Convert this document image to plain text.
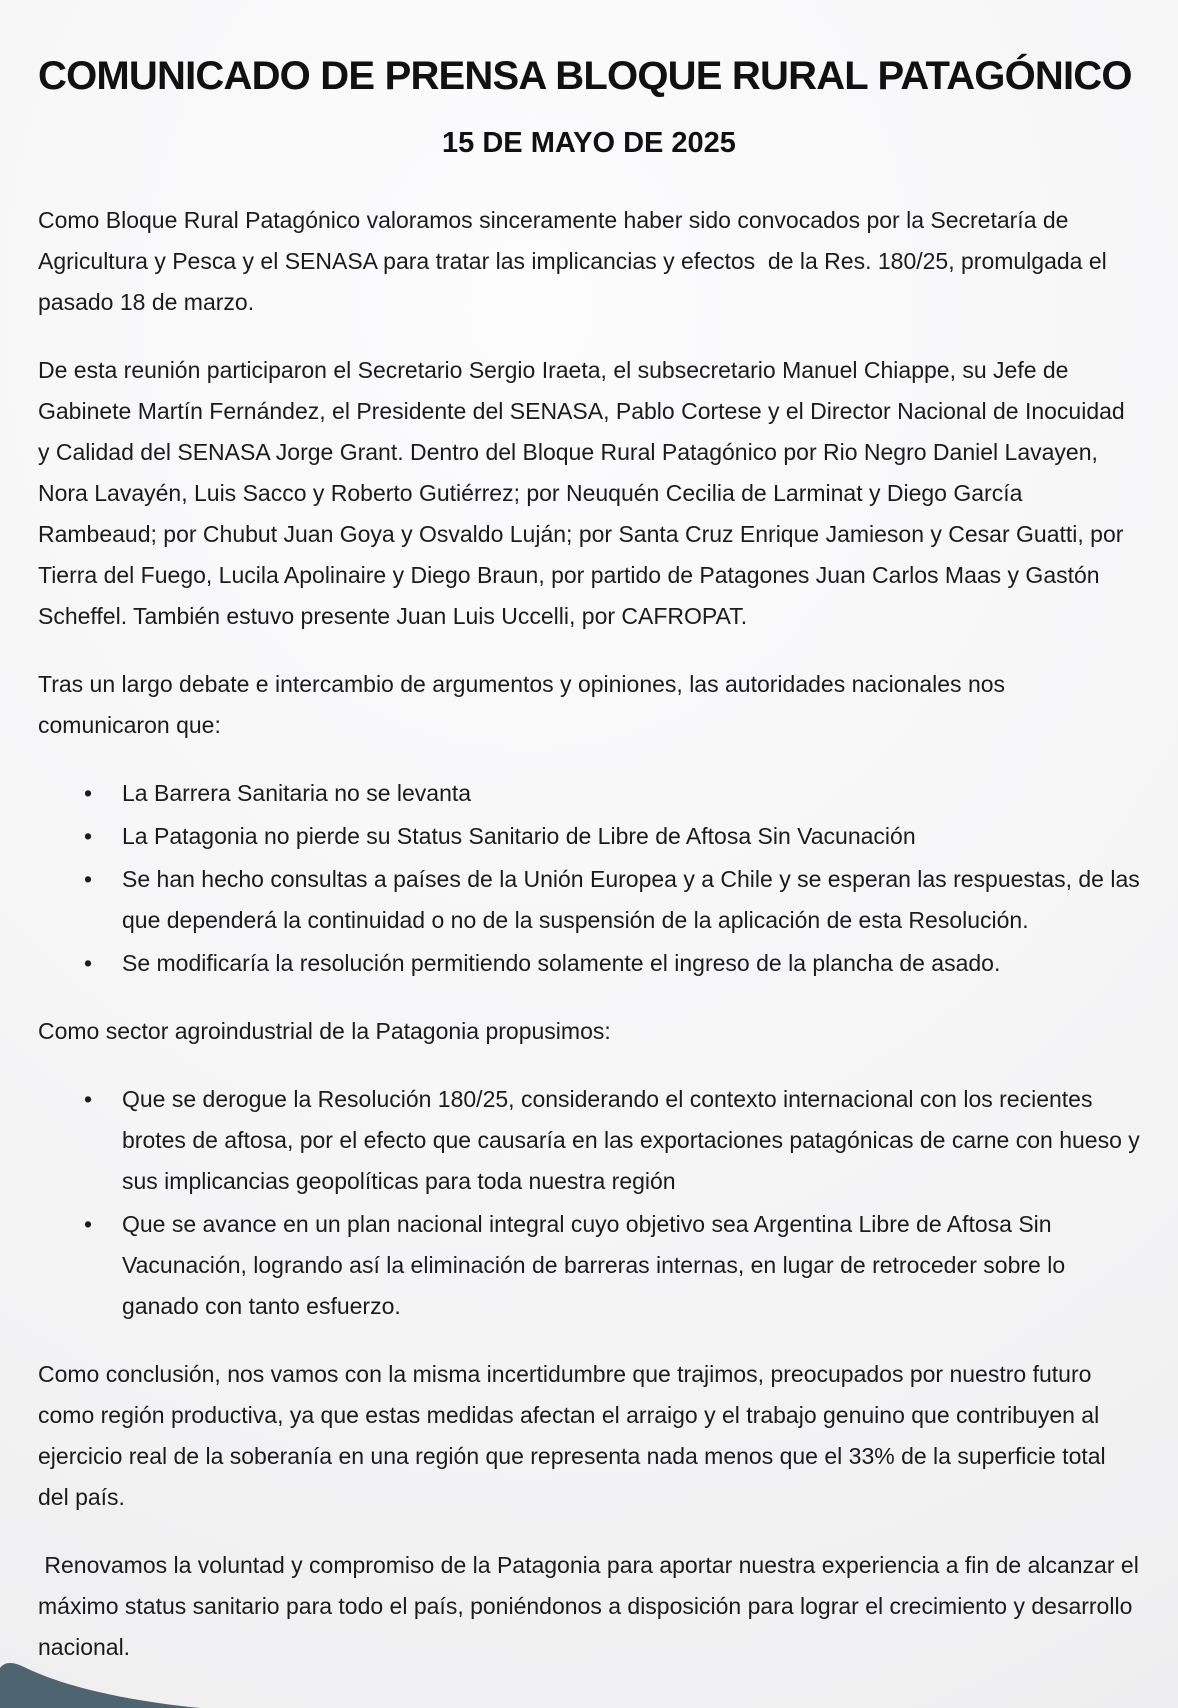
COMUNICADO DE PRENSA BLOQUE RURAL PATAGÓNICO
15 DE MAYO DE 2025

Como Bloque Rural Patagónico valoramos sinceramente haber sido convocados por la Secretaría de Agricultura y Pesca y el SENASA para tratar las implicancias y efectos  de la Res. 180/25, promulgada el pasado 18 de marzo.

De esta reunión participaron el Secretario Sergio Iraeta, el subsecretario Manuel Chiappe, su Jefe de Gabinete Martín Fernández, el Presidente del SENASA, Pablo Cortese y el Director Nacional de Inocuidad y Calidad del SENASA Jorge Grant. Dentro del Bloque Rural Patagónico por Rio Negro Daniel Lavayen, Nora Lavayén, Luis Sacco y Roberto Gutiérrez; por Neuquén Cecilia de Larminat y Diego García Rambeaud; por Chubut Juan Goya y Osvaldo Luján; por Santa Cruz Enrique Jamieson y Cesar Guatti, por Tierra del Fuego, Lucila Apolinaire y Diego Braun, por partido de Patagones Juan Carlos Maas y Gastón Scheffel. También estuvo presente Juan Luis Uccelli, por CAFROPAT.

Tras un largo debate e intercambio de argumentos y opiniones, las autoridades nacionales nos comunicaron que:

• La Barrera Sanitaria no se levanta
• La Patagonia no pierde su Status Sanitario de Libre de Aftosa Sin Vacunación
• Se han hecho consultas a países de la Unión Europea y a Chile y se esperan las respuestas, de las que dependerá la continuidad o no de la suspensión de la aplicación de esta Resolución.
• Se modificaría la resolución permitiendo solamente el ingreso de la plancha de asado.

Como sector agroindustrial de la Patagonia propusimos:

• Que se derogue la Resolución 180/25, considerando el contexto internacional con los recientes brotes de aftosa, por el efecto que causaría en las exportaciones patagónicas de carne con hueso y sus implicancias geopolíticas para toda nuestra región
• Que se avance en un plan nacional integral cuyo objetivo sea Argentina Libre de Aftosa Sin Vacunación, logrando así la eliminación de barreras internas, en lugar de retroceder sobre lo ganado con tanto esfuerzo.

Como conclusión, nos vamos con la misma incertidumbre que trajimos, preocupados por nuestro futuro como región productiva, ya que estas medidas afectan el arraigo y el trabajo genuino que contribuyen al ejercicio real de la soberanía en una región que representa nada menos que el 33% de la superficie total del país.

Renovamos la voluntad y compromiso de la Patagonia para aportar nuestra experiencia a fin de alcanzar el máximo status sanitario para todo el país, poniéndonos a disposición para lograr el crecimiento y desarrollo nacional.
